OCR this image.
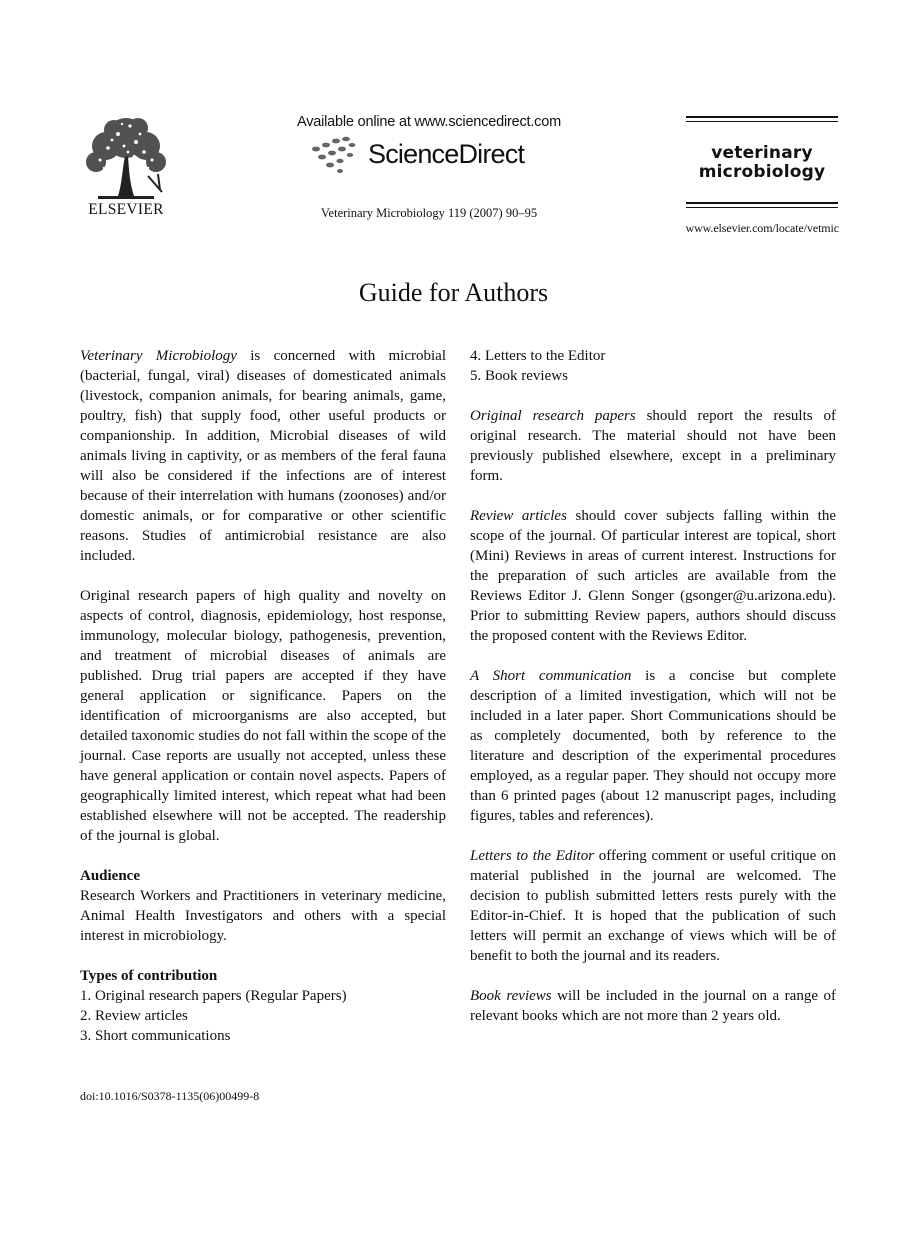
ELSEVIER
Available online at www.sciencedirect.com
ScienceDirect
Veterinary Microbiology 119 (2007) 90–95
veterinary
microbiology
www.elsevier.com/locate/vetmic
Guide for Authors

Veterinary Microbiology is concerned with microbial (bacterial, fungal, viral) diseases of domesticated animals (livestock, companion animals, for bearing animals, game, poultry, fish) that supply food, other useful products or companionship. In addition, Microbial diseases of wild animals living in captivity, or as members of the feral fauna will also be considered if the infections are of interest because of their interrelation with humans (zoonoses) and/or domestic animals, or for comparative or other scientific reasons. Studies of antimicrobial resistance are also included.

Original research papers of high quality and novelty on aspects of control, diagnosis, epidemiology, host response, immunology, molecular biology, pathogenesis, prevention, and treatment of microbial diseases of animals are published. Drug trial papers are accepted if they have general application or significance. Papers on the identification of microorganisms are also accepted, but detailed taxonomic studies do not fall within the scope of the journal. Case reports are usually not accepted, unless these have general application or contain novel aspects. Papers of geographically limited interest, which repeat what had been established elsewhere will not be accepted. The readership of the journal is global.

Audience

Research Workers and Practitioners in veterinary medicine, Animal Health Investigators and others with a special interest in microbiology.

Types of contribution
1. Original research papers (Regular Papers)
2. Review articles
3. Short communications
4. Letters to the Editor
5. Book reviews

Original research papers should report the results of original research. The material should not have been previously published elsewhere, except in a preliminary form.

Review articles should cover subjects falling within the scope of the journal. Of particular interest are topical, short (Mini) Reviews in areas of current interest. Instructions for the preparation of such articles are available from the Reviews Editor J. Glenn Songer (gsonger@u.arizona.edu). Prior to submitting Review papers, authors should discuss the proposed content with the Reviews Editor.

A Short communication is a concise but complete description of a limited investigation, which will not be included in a later paper. Short Communications should be as completely documented, both by reference to the literature and description of the experimental procedures employed, as a regular paper. They should not occupy more than 6 printed pages (about 12 manuscript pages, including figures, tables and references).

Letters to the Editor offering comment or useful critique on material published in the journal are welcomed. The decision to publish submitted letters rests purely with the Editor-in-Chief. It is hoped that the publication of such letters will permit an exchange of views which will be of benefit to both the journal and its readers.

Book reviews will be included in the journal on a range of relevant books which are not more than 2 years old.

doi:10.1016/S0378-1135(06)00499-8
